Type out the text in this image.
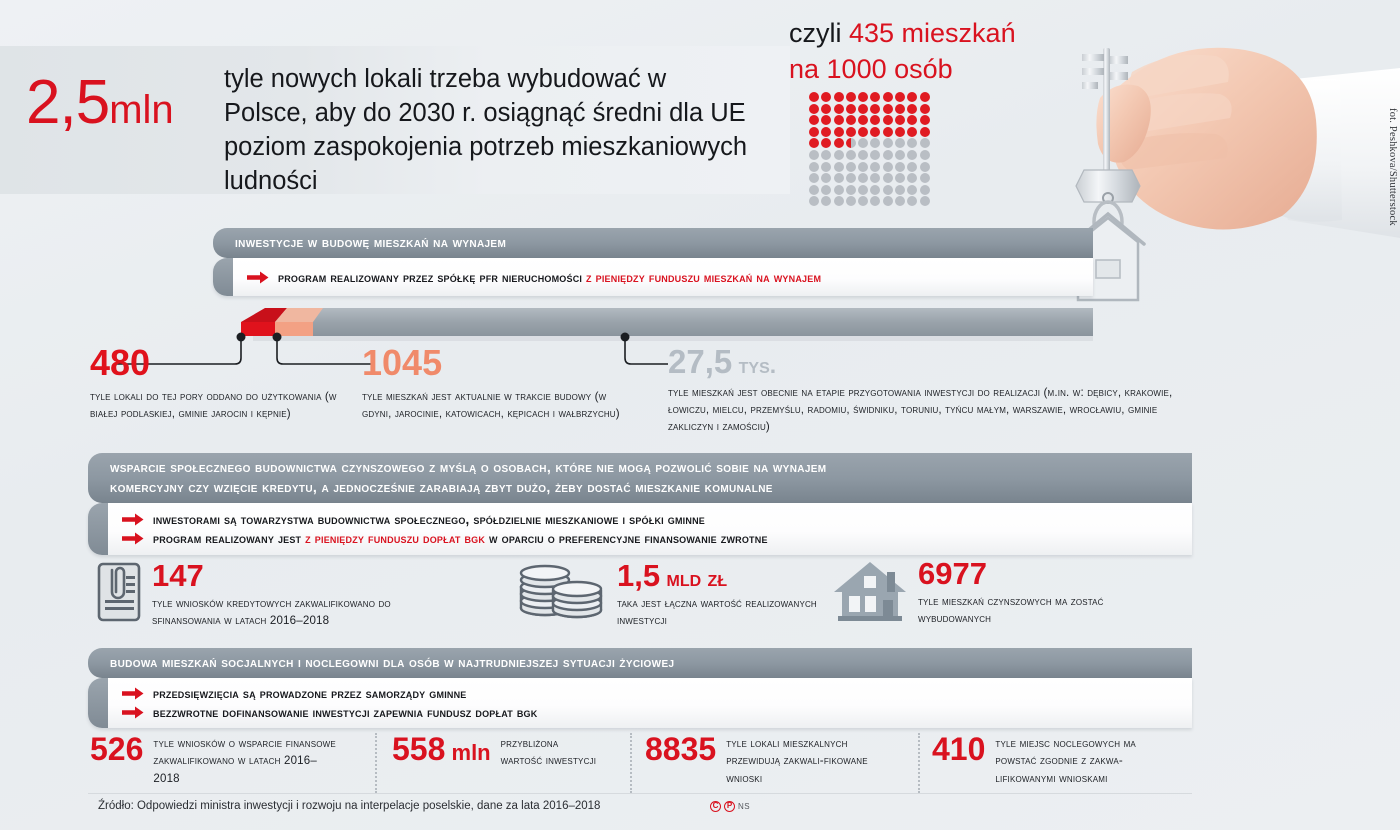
2,5mln
tyle nowych lokali trzeba wybudować w Polsce, aby do 2030 r. osiągnąć średni dla UE poziom zaspokojenia potrzeb mieszkaniowych ludności
czyli 435 mieszkań
na 1000 osób
fot. Peshkova/Shutterstock
inwestycje w budowę mieszkań na wynajem
program realizowany przez spółkę pfr nieruchomości z pieniędzy funduszu mieszkań na wynajem
480
tyle lokali do tej pory oddano do użytkowania (w białej podlaskiej, gminie jarocin i kępnie)
1045
tyle mieszkań jest aktualnie w trakcie budowy (w gdyni, jarocinie, katowicach, kępicach i wałbrzychu)
27,5 tys.
tyle mieszkań jest obecnie na etapie przygotowania inwestycji do realizacji (m.in. w: dębicy, krakowie, łowiczu, mielcu, przemyślu, radomiu, świdniku, toruniu, tyńcu małym, warszawie, wrocławiu, gminie zakliczyn i zamościu)
wsparcie społecznego budownictwa czynszowego z myślą o osobach, które nie mogą pozwolić sobie na wynajem
komercyjny czy wzięcie kredytu, a jednocześnie zarabiają zbyt dużo, żeby dostać mieszkanie komunalne
inwestorami są towarzystwa budownictwa społecznego, spółdzielnie mieszkaniowe i spółki gminne
program realizowany jest z pieniędzy funduszu dopłat bgk w oparciu o preferencyjne finansowanie zwrotne
147
tyle wniosków kredytowych zakwalifikowano do sfinansowania w latach 2016–2018
1,5 mld zł
taka jest łączna wartość realizowanych inwestycji
6977
tyle mieszkań czynszowych ma zostać wybudowanych
budowa mieszkań socjalnych i noclegowni dla osób w najtrudniejszej sytuacji życiowej
przedsięwzięcia są prowadzone przez samorządy gminne
bezzwrotne dofinansowanie inwestycji zapewnia fundusz dopłat bgk
526 tyle wniosków o wsparcie finansowe zakwalifikowano w latach 2016–2018
558 mln przybliżona wartość inwestycji 8835 tyle lokali mieszkalnych przewidują zakwali-fikowane wnioski
410 tyle miejsc noclegowych ma powstać zgodnie z zakwa-lifikowanymi wnioskami
Źródło: Odpowiedzi ministra inwestycji i rozwoju na interpelacje poselskie, dane za lata 2016–2018	C	P NS
